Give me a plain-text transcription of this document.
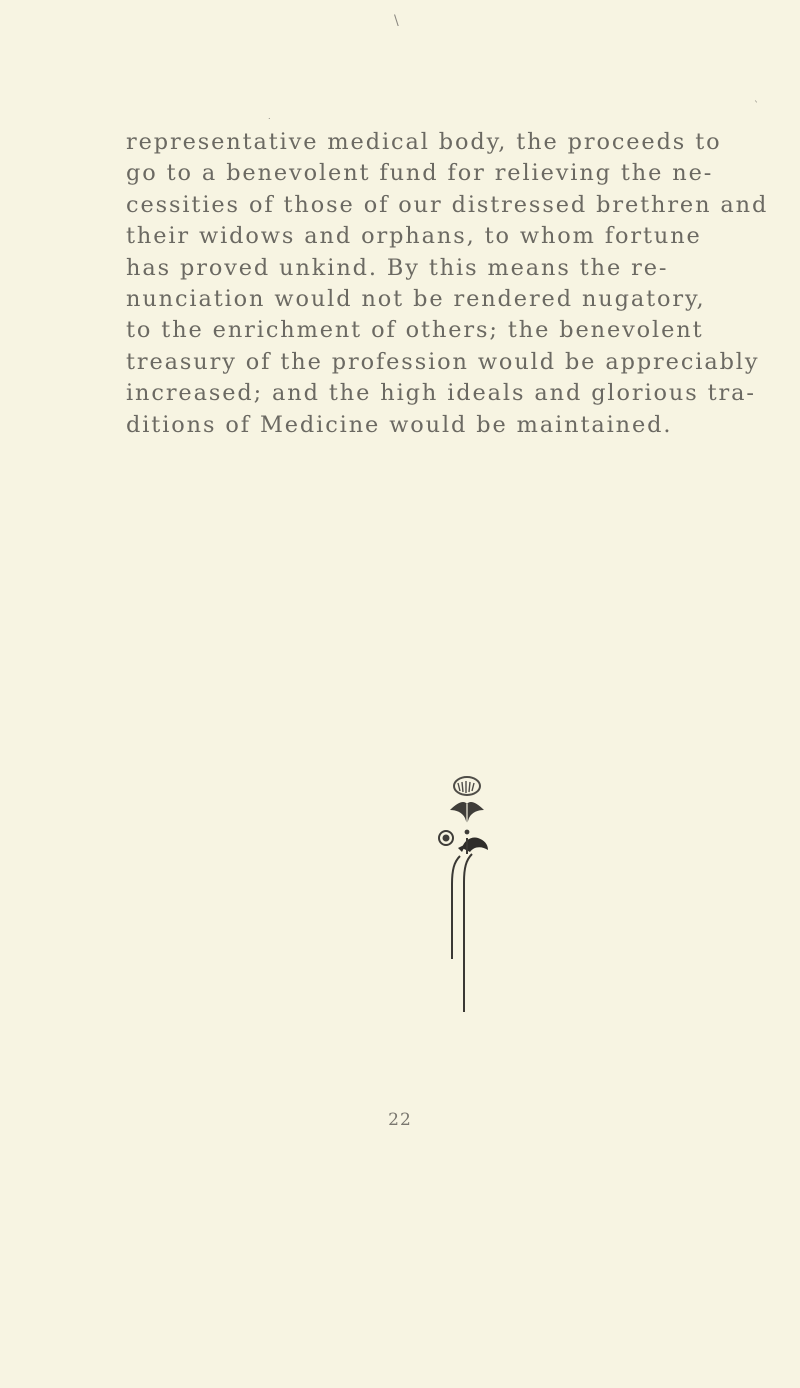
\
`
.
representative medical body, the proceeds to
go to a benevolent fund for relieving the ne-
cessities of those of our distressed brethren and
their widows and orphans, to whom fortune
has proved unkind. By this means the re-
nunciation would not be rendered nugatory,
to the enrichment of others; the benevolent
treasury of the profession would be appreciably
increased; and the high ideals and glorious tra-
ditions of Medicine would be maintained.
22
